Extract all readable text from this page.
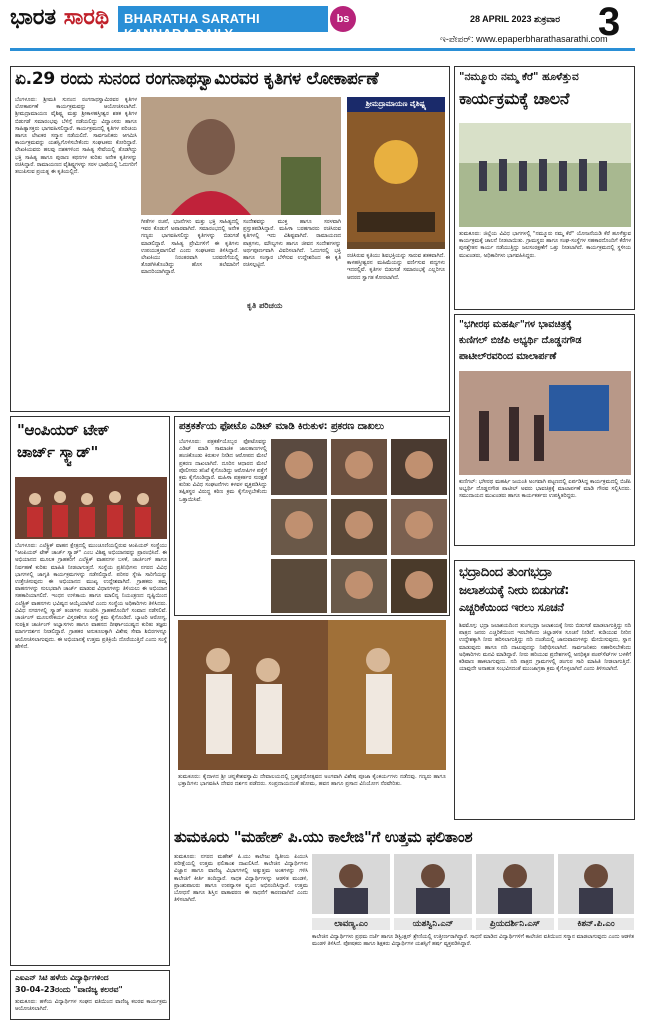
ಭಾರತ ಸಾರಥಿ	BHARATHA SARATHI KANNADA DAILY
bs	28 APRIL 2023 ಶುಕ್ರವಾರ 3
ಇ-ಪೇಪರ್: www.epaperbharathasarathi.com
ಏ.29 ರಂದು ಸುನಂದ ರಂಗನಾಥಸ್ವಾಮಿರವರ ಕೃತಿಗಳ ಲೋಕಾರ್ಪಣೆ
ಬೆಂಗಳೂರು: ಶ್ರೀಮತಿ ಸುನಂದ ರಂಗನಾಥಸ್ವಾಮಿರವರ ಕೃತಿಗಳ ಲೋಕಾರ್ಪಣೆ ಕಾರ್ಯಕ್ರಮವನ್ನು ಆಯೋಜಿಸಲಾಗಿದೆ. ಶ್ರೀಮದ್ರಾಮಾಯಣ ವೈಶಿಷ್ಟ್ಯ ಮತ್ತು ಶ್ರೀಕಾಳಹಸ್ತೀಶ್ವರ ಶತಕ ಕೃತಿಗಳ ಬಿಡುಗಡೆ ಸಮಾರಂಭವು ಬೆಳಿಗ್ಗೆ ನಡೆಯಲಿದ್ದು ವಿದ್ವಾಂಸರು ಹಾಗೂ ಸಾಹಿತ್ಯಾಸಕ್ತರು ಭಾಗವಹಿಸಲಿದ್ದಾರೆ. ಕಾರ್ಯಕ್ರಮದಲ್ಲಿ ಕೃತಿಗಳ ಪರಿಚಯ ಹಾಗೂ ಲೇಖಕರ ಸನ್ಮಾನ ನಡೆಯಲಿದೆ. ಸಾರ್ವಜನಿಕರು ಆಗಮಿಸಿ ಕಾರ್ಯಕ್ರಮವನ್ನು ಯಶಸ್ವಿಗೊಳಿಸಬೇಕೆಂದು ಸಂಘಟಕರು ಕೋರಿದ್ದಾರೆ. ಲೇಖಕಿಯವರು ಹಲವು ದಶಕಗಳಿಂದ ಸಾಹಿತ್ಯ ಸೇವೆಯಲ್ಲಿ ತೊಡಗಿದ್ದು ಭಕ್ತಿ ಸಾಹಿತ್ಯ ಹಾಗೂ ಪುರಾಣ ಕಥನಗಳ ಕುರಿತು ಅನೇಕ ಕೃತಿಗಳನ್ನು ರಚಿಸಿದ್ದಾರೆ. ರಾಮಾಯಣದ ವೈಶಿಷ್ಟ್ಯಗಳನ್ನು ಸರಳ ಭಾಷೆಯಲ್ಲಿ ಓದುಗರಿಗೆ ತಲುಪಿಸುವ ಪ್ರಯತ್ನ ಈ ಕೃತಿಯಲ್ಲಿದೆ.
ಶ್ರೀಮದ್ರಾಮಾಯಣ ವೈಶಿಷ್ಟ್ಯ
ಗೀತೆಗಳ ರಚನೆ, ಭಜನೆಗಳು ಮತ್ತು ಭಕ್ತಿ ಸಾಹಿತ್ಯದಲ್ಲಿ ಇವರ ಕೊಡುಗೆ ಅಪಾರವಾಗಿದೆ. ಸಮಾರಂಭದಲ್ಲಿ ಅನೇಕ ಗಣ್ಯರು ಭಾಗವಹಿಸಲಿದ್ದು ಕೃತಿಗಳನ್ನು ಬಿಡುಗಡೆ ಮಾಡಲಿದ್ದಾರೆ. ಸಾಹಿತ್ಯ ಪ್ರೇಮಿಗಳಿಗೆ ಈ ಕೃತಿಗಳು ಉಪಯುಕ್ತವಾಗಲಿವೆ ಎಂದು ಸಂಘಟಕರು ತಿಳಿಸಿದ್ದಾರೆ. ಲೇಖಕಿಯು ನಿರಂತರವಾಗಿ ಬರವಣಿಗೆಯಲ್ಲಿ ತೊಡಗಿಸಿಕೊಂಡಿದ್ದು ಹೊಸ ತಲೆಮಾರಿಗೆ ಮಾದರಿಯಾಗಿದ್ದಾರೆ.
ಸಂದೇಶವನ್ನು ಮುಕ್ತ ಹಾಗೂ ಸರಳವಾಗಿ ಪ್ರಸ್ತುತಪಡಿಸಿದ್ದಾರೆ. ಮಹಿಳಾ ಬರಹಗಾರರು ರಚಿಸಿರುವ ಕೃತಿಗಳಲ್ಲಿ ಇದು ವಿಶಿಷ್ಟವಾಗಿದೆ. ರಾಮಾಯಣದ ಪಾತ್ರಗಳು, ಮೌಲ್ಯಗಳು ಹಾಗೂ ಜೀವನ ಸಂದೇಶಗಳನ್ನು ಅರ್ಥಪೂರ್ಣವಾಗಿ ವಿವರಿಸಲಾಗಿದೆ. ಓದುಗರಲ್ಲಿ ಭಕ್ತಿ ಹಾಗೂ ಸಂಸ್ಕಾರ ಬೆಳೆಸುವ ಉದ್ದೇಶದಿಂದ ಈ ಕೃತಿ ರಚಿಸಲ್ಪಟ್ಟಿದೆ.
ರಚಿಸಿರುವ ಕೃತಿಯು ಶಿವಭಕ್ತಿಯನ್ನು ಸಾರುವ ಶತಕವಾಗಿದೆ. ಕಾಳಹಸ್ತೀಶ್ವರನ ಮಹಿಮೆಯನ್ನು ವರ್ಣಿಸುವ ಪದ್ಯಗಳು ಇದರಲ್ಲಿವೆ. ಕೃತಿಗಳ ಬಿಡುಗಡೆ ಸಮಾರಂಭಕ್ಕೆ ಎಲ್ಲರಿಗೂ ಆದರದ ಸ್ವಾಗತ ಕೋರಲಾಗಿದೆ.
ಕೃತಿ ಪರಿಚಯ
"ನಮ್ಮೂರು ನಮ್ಮ ಕೆರೆ" ಹೂಳೆತ್ತುವ
ಕಾರ್ಯಕ್ರಮಕ್ಕೆ ಚಾಲನೆ
ತುಮಕೂರು: ಜಿಲ್ಲೆಯ ವಿವಿಧ ಭಾಗಗಳಲ್ಲಿ "ನಮ್ಮೂರು ನಮ್ಮ ಕೆರೆ" ಯೋಜನೆಯಡಿ ಕೆರೆ ಹೂಳೆತ್ತುವ ಕಾರ್ಯಕ್ರಮಕ್ಕೆ ಚಾಲನೆ ನೀಡಲಾಯಿತು. ಗ್ರಾಮಸ್ಥರು ಹಾಗೂ ಸಂಘ-ಸಂಸ್ಥೆಗಳ ಸಹಕಾರದೊಂದಿಗೆ ಕೆರೆಗಳ ಪುನಶ್ಚೇತನ ಕಾರ್ಯ ನಡೆಯುತ್ತಿದ್ದು ಜಲಸಂರಕ್ಷಣೆಗೆ ಒತ್ತು ನೀಡಲಾಗಿದೆ. ಕಾರ್ಯಕ್ರಮದಲ್ಲಿ ಸ್ಥಳೀಯ ಮುಖಂಡರು, ಅಧಿಕಾರಿಗಳು ಭಾಗವಹಿಸಿದ್ದರು.
"ಭಗೀರಥ ಮಹರ್ಷಿ"ಗಳ ಭಾವಚಿತ್ರಕ್ಕೆ
ಕುಣಿಗಲ್ ಬಿಜೆಪಿ ಅಭ್ಯರ್ಥಿ ದೊಡ್ಡನಗೌಡ
ಪಾಟೀಲ್‌ರವರಿಂದ ಮಾಲಾರ್ಪಣೆ
ಕುಣಿಗಲ್: ಭಗೀರಥ ಮಹರ್ಷಿ ಜಯಂತಿ ಅಂಗವಾಗಿ ಪಟ್ಟಣದಲ್ಲಿ ಏರ್ಪಡಿಸಿದ್ದ ಕಾರ್ಯಕ್ರಮದಲ್ಲಿ ಬಿಜೆಪಿ ಅಭ್ಯರ್ಥಿ ದೊಡ್ಡನಗೌಡ ಪಾಟೀಲ್ ಅವರು ಭಾವಚಿತ್ರಕ್ಕೆ ಮಾಲಾರ್ಪಣೆ ಮಾಡಿ ಗೌರವ ಸಲ್ಲಿಸಿದರು. ಸಮುದಾಯದ ಮುಖಂಡರು ಹಾಗೂ ಕಾರ್ಯಕರ್ತರು ಉಪಸ್ಥಿತರಿದ್ದರು.
"ಆಂಪಿಯರ್ ಟೇಕ್
ಚಾರ್ಜ್ ಸ್ಕ್ವಾಡ್"
ಬೆಂಗಳೂರು: ಎಲೆಕ್ಟ್ರಿಕ್ ವಾಹನ ಕ್ಷೇತ್ರದಲ್ಲಿ ಮುಂಚೂಣಿಯಲ್ಲಿರುವ ಆಂಪಿಯರ್ ಸಂಸ್ಥೆಯು "ಆಂಪಿಯರ್ ಟೇಕ್ ಚಾರ್ಜ್ ಸ್ಕ್ವಾಡ್" ಎಂಬ ವಿಶಿಷ್ಟ ಅಭಿಯಾನವನ್ನು ಪ್ರಾರಂಭಿಸಿದೆ. ಈ ಅಭಿಯಾನದ ಮೂಲಕ ಗ್ರಾಹಕರಿಗೆ ಎಲೆಕ್ಟ್ರಿಕ್ ವಾಹನಗಳ ಬಳಕೆ, ಚಾರ್ಜಿಂಗ್ ಹಾಗೂ ನಿರ್ವಹಣೆ ಕುರಿತು ಮಾಹಿತಿ ನೀಡಲಾಗುತ್ತದೆ. ಸಂಸ್ಥೆಯ ಪ್ರತಿನಿಧಿಗಳು ನಗರದ ವಿವಿಧ ಭಾಗಗಳಲ್ಲಿ ಜಾಗೃತಿ ಕಾರ್ಯಕ್ರಮಗಳನ್ನು ನಡೆಸಲಿದ್ದಾರೆ. ಪರಿಸರ ಸ್ನೇಹಿ ಸಾರಿಗೆಯನ್ನು ಉತ್ತೇಜಿಸುವುದು ಈ ಅಭಿಯಾನದ ಮುಖ್ಯ ಉದ್ದೇಶವಾಗಿದೆ. ಗ್ರಾಹಕರು ತಮ್ಮ ವಾಹನಗಳನ್ನು ಸುಲಭವಾಗಿ ಚಾರ್ಜ್ ಮಾಡುವ ವಿಧಾನಗಳನ್ನು ತಿಳಿಯಲು ಈ ಅಭಿಯಾನ ಸಹಕಾರಿಯಾಗಲಿದೆ. ಇಂಧನ ಉಳಿತಾಯ ಹಾಗೂ ಮಾಲಿನ್ಯ ನಿಯಂತ್ರಣದ ದೃಷ್ಟಿಯಿಂದ ಎಲೆಕ್ಟ್ರಿಕ್ ವಾಹನಗಳು ಭವಿಷ್ಯದ ಆಯ್ಕೆಯಾಗಿವೆ ಎಂದು ಸಂಸ್ಥೆಯ ಅಧಿಕಾರಿಗಳು ತಿಳಿಸಿದರು. ವಿವಿಧ ನಗರಗಳಲ್ಲಿ ಸ್ಕ್ವಾಡ್ ತಂಡಗಳು ಸಂಚರಿಸಿ ಗ್ರಾಹಕರೊಂದಿಗೆ ಸಂವಾದ ನಡೆಸಲಿವೆ. ಚಾರ್ಜಿಂಗ್ ಮೂಲಸೌಕರ್ಯ ವಿಸ್ತರಣೆಗೂ ಸಂಸ್ಥೆ ಕ್ರಮ ಕೈಗೊಂಡಿದೆ. ಬ್ಯಾಟರಿ ಆರೋಗ್ಯ, ಸುರಕ್ಷಿತ ಚಾರ್ಜಿಂಗ್ ಅಭ್ಯಾಸಗಳು ಹಾಗೂ ವಾಹನದ ದೀರ್ಘಾಯುಷ್ಯದ ಕುರಿತು ತಜ್ಞರು ಮಾರ್ಗದರ್ಶನ ನೀಡಲಿದ್ದಾರೆ. ಗ್ರಾಹಕರ ಅನುಕೂಲಕ್ಕಾಗಿ ವಿಶೇಷ ಸೇವಾ ಶಿಬಿರಗಳನ್ನೂ ಆಯೋಜಿಸಲಾಗುವುದು. ಈ ಅಭಿಯಾನಕ್ಕೆ ಉತ್ತಮ ಪ್ರತಿಕ್ರಿಯೆ ದೊರೆಯುತ್ತಿದೆ ಎಂದು ಸಂಸ್ಥೆ ಹೇಳಿದೆ.
ಪತ್ರಕರ್ತೆಯ ಫೋಟೊ ಎಡಿಟ್ ಮಾಡಿ ಕಿರುಕುಳ: ಪ್ರಕರಣ ದಾಖಲು
ಬೆಂಗಳೂರು: ಪತ್ರಕರ್ತೆಯೊಬ್ಬರ ಫೋಟೊವನ್ನು ಎಡಿಟ್ ಮಾಡಿ ಸಾಮಾಜಿಕ ಜಾಲತಾಣಗಳಲ್ಲಿ ಹಂಚಿಕೊಂಡು ಕಿರುಕುಳ ನೀಡಿದ ಆರೋಪದ ಮೇಲೆ ಪ್ರಕರಣ ದಾಖಲಾಗಿದೆ. ದೂರಿನ ಆಧಾರದ ಮೇಲೆ ಪೊಲೀಸರು ತನಿಖೆ ಕೈಗೊಂಡಿದ್ದು ಆರೋಪಿಗಳ ಪತ್ತೆಗೆ ಕ್ರಮ ಕೈಗೊಂಡಿದ್ದಾರೆ. ಮಹಿಳಾ ಪತ್ರಕರ್ತರ ಸುರಕ್ಷತೆ ಕುರಿತು ವಿವಿಧ ಸಂಘಟನೆಗಳು ಕಳವಳ ವ್ಯಕ್ತಪಡಿಸಿದ್ದು ತಪ್ಪಿತಸ್ಥರ ವಿರುದ್ಧ ಕಠಿಣ ಕ್ರಮ ಕೈಗೊಳ್ಳಬೇಕೆಂದು ಒತ್ತಾಯಿಸಿವೆ.
ತುಮಕೂರು: ಕೈದಾಳದ ಶ್ರೀ ಚನ್ನಕೇಶವಸ್ವಾಮಿ ದೇವಾಲಯದಲ್ಲಿ ಬ್ರಹ್ಮರಥೋತ್ಸವದ ಅಂಗವಾಗಿ ವಿಶೇಷ ಪೂಜಾ ಕೈಂಕರ್ಯಗಳು ನಡೆದವು. ಗಣ್ಯರು ಹಾಗೂ ಭಕ್ತಾದಿಗಳು ಭಾಗವಹಿಸಿ ದೇವರ ದರ್ಶನ ಪಡೆದರು. ಸಂಪ್ರದಾಯದಂತೆ ಹೋಮ, ಹವನ ಹಾಗೂ ಪ್ರಸಾದ ವಿನಿಯೋಗ ನೆರವೇರಿತು.
ಭದ್ರಾದಿಂದ ತುಂಗಭದ್ರಾ
ಜಲಾಶಯಕ್ಕೆ ನೀರು ಬಿಡುಗಡೆ:
ಎಚ್ಚರಿಕೆಯಿಂದ ಇರಲು ಸೂಚನೆ
ಶಿವಮೊಗ್ಗ: ಭದ್ರಾ ಜಲಾಶಯದಿಂದ ತುಂಗಭದ್ರಾ ಜಲಾಶಯಕ್ಕೆ ನೀರು ಬಿಡುಗಡೆ ಮಾಡಲಾಗುತ್ತಿದ್ದು ನದಿ ಪಾತ್ರದ ಜನರು ಎಚ್ಚರಿಕೆಯಿಂದ ಇರಬೇಕೆಂದು ಜಿಲ್ಲಾಡಳಿತ ಸೂಚನೆ ನೀಡಿದೆ. ಕುಡಿಯುವ ನೀರಿನ ಉದ್ದೇಶಕ್ಕಾಗಿ ನೀರು ಹರಿಸಲಾಗುತ್ತಿದ್ದು ನದಿ ದಂಡೆಯಲ್ಲಿ ಜಾನುವಾರುಗಳನ್ನು ಮೇಯಿಸುವುದು, ಸ್ನಾನ ಮಾಡುವುದು ಹಾಗೂ ನದಿ ದಾಟುವುದನ್ನು ನಿಷೇಧಿಸಲಾಗಿದೆ. ಸಾರ್ವಜನಿಕರು ಸಹಕರಿಸಬೇಕೆಂದು ಅಧಿಕಾರಿಗಳು ಮನವಿ ಮಾಡಿದ್ದಾರೆ. ನೀರು ಹರಿಯುವ ಪ್ರದೇಶಗಳಲ್ಲಿ ಅನಧಿಕೃತ ಪಂಪ್‌ಸೆಟ್‌ಗಳ ಬಳಕೆಗೆ ಕಡಿವಾಣ ಹಾಕಲಾಗುವುದು. ನದಿ ಪಾತ್ರದ ಗ್ರಾಮಗಳಲ್ಲಿ ಡಂಗುರ ಸಾರಿ ಮಾಹಿತಿ ನೀಡಲಾಗುತ್ತಿದೆ. ಯಾವುದೇ ಅನಾಹುತ ಸಂಭವಿಸದಂತೆ ಮುಂಜಾಗ್ರತಾ ಕ್ರಮ ಕೈಗೊಳ್ಳಲಾಗಿದೆ ಎಂದು ತಿಳಿಸಲಾಗಿದೆ.
ಎಐಎನ್ ಸಿಟಿ ಹಳೆಯ ವಿದ್ಯಾರ್ಥಿಗಳಿಂದ
30-04-23ರಂದು "ವಾಣಿಜ್ಯ ಕಲರವ"
ತುಮಕೂರು: ಹಳೆಯ ವಿದ್ಯಾರ್ಥಿಗಳ ಸಂಘದ ವತಿಯಿಂದ ವಾಣಿಜ್ಯ ಕಲರವ ಕಾರ್ಯಕ್ರಮ ಆಯೋಜಿಸಲಾಗಿದೆ.
ತುಮಕೂರು "ಮಹೇಶ್ ಪಿ.ಯು ಕಾಲೇಜಿ"ಗೆ ಉತ್ತಮ ಫಲಿತಾಂಶ
ತುಮಕೂರು: ನಗರದ ಮಹೇಶ್ ಪಿ.ಯು ಕಾಲೇಜು ದ್ವಿತೀಯ ಪಿಯುಸಿ ಪರೀಕ್ಷೆಯಲ್ಲಿ ಉತ್ತಮ ಫಲಿತಾಂಶ ದಾಖಲಿಸಿದೆ. ಕಾಲೇಜಿನ ವಿದ್ಯಾರ್ಥಿಗಳು ವಿಜ್ಞಾನ ಹಾಗೂ ವಾಣಿಜ್ಯ ವಿಭಾಗಗಳಲ್ಲಿ ಅತ್ಯುತ್ತಮ ಅಂಕಗಳನ್ನು ಗಳಿಸಿ ಕಾಲೇಜಿಗೆ ಕೀರ್ತಿ ತಂದಿದ್ದಾರೆ. ಸಾಧಕ ವಿದ್ಯಾರ್ಥಿಗಳನ್ನು ಆಡಳಿತ ಮಂಡಳಿ, ಪ್ರಾಂಶುಪಾಲರು ಹಾಗೂ ಉಪನ್ಯಾಸಕ ವೃಂದ ಅಭಿನಂದಿಸಿದ್ದಾರೆ. ಉತ್ತಮ ಬೋಧನೆ ಹಾಗೂ ಶಿಸ್ತಿನ ವಾತಾವರಣ ಈ ಸಾಧನೆಗೆ ಕಾರಣವಾಗಿದೆ ಎಂದು ತಿಳಿಸಲಾಗಿದೆ.
ಲಾವಣ್ಯ.ಎಂ	ಯಶಸ್ವಿನಿ.ಎನ್	ಪ್ರಿಯದರ್ಶಿನಿ.ಎಸ್	ಕಿಶನ್.ಪಿ.ಎಂ
ಕಾಲೇಜಿನ ವಿದ್ಯಾರ್ಥಿಗಳು ಪ್ರಥಮ ದರ್ಜೆ ಹಾಗೂ ಡಿಸ್ಟಿಂಕ್ಷನ್ ಶ್ರೇಣಿಯಲ್ಲಿ ಉತ್ತೀರ್ಣರಾಗಿದ್ದಾರೆ. ಸಾಧನೆ ಮಾಡಿದ ವಿದ್ಯಾರ್ಥಿಗಳಿಗೆ ಕಾಲೇಜಿನ ವತಿಯಿಂದ ಸನ್ಮಾನ ಮಾಡಲಾಗುವುದು ಎಂದು ಆಡಳಿತ ಮಂಡಳಿ ತಿಳಿಸಿದೆ. ಪೋಷಕರು ಹಾಗೂ ಶಿಕ್ಷಕರು ವಿದ್ಯಾರ್ಥಿಗಳ ಯಶಸ್ಸಿಗೆ ಹರ್ಷ ವ್ಯಕ್ತಪಡಿಸಿದ್ದಾರೆ.
